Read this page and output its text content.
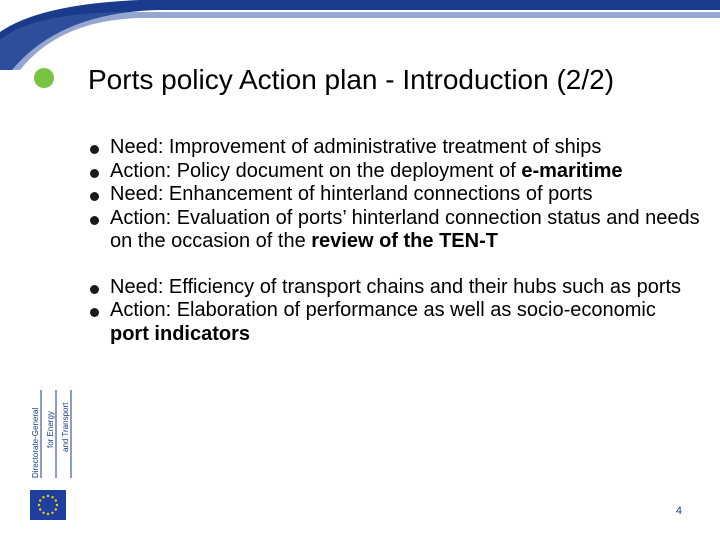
Ports policy Action plan - Introduction (2/2)
Need: Improvement of administrative treatment of ships
Action: Policy document on the deployment of e-maritime
Need: Enhancement of hinterland connections of ports
Action: Evaluation of ports’ hinterland connection status and needs on the occasion of the review of the TEN-T
Need: Efficiency of transport chains and their hubs such as ports
Action: Elaboration of performance as well as socio-economic port indicators
Directorate-General for Energy and Transport
4
